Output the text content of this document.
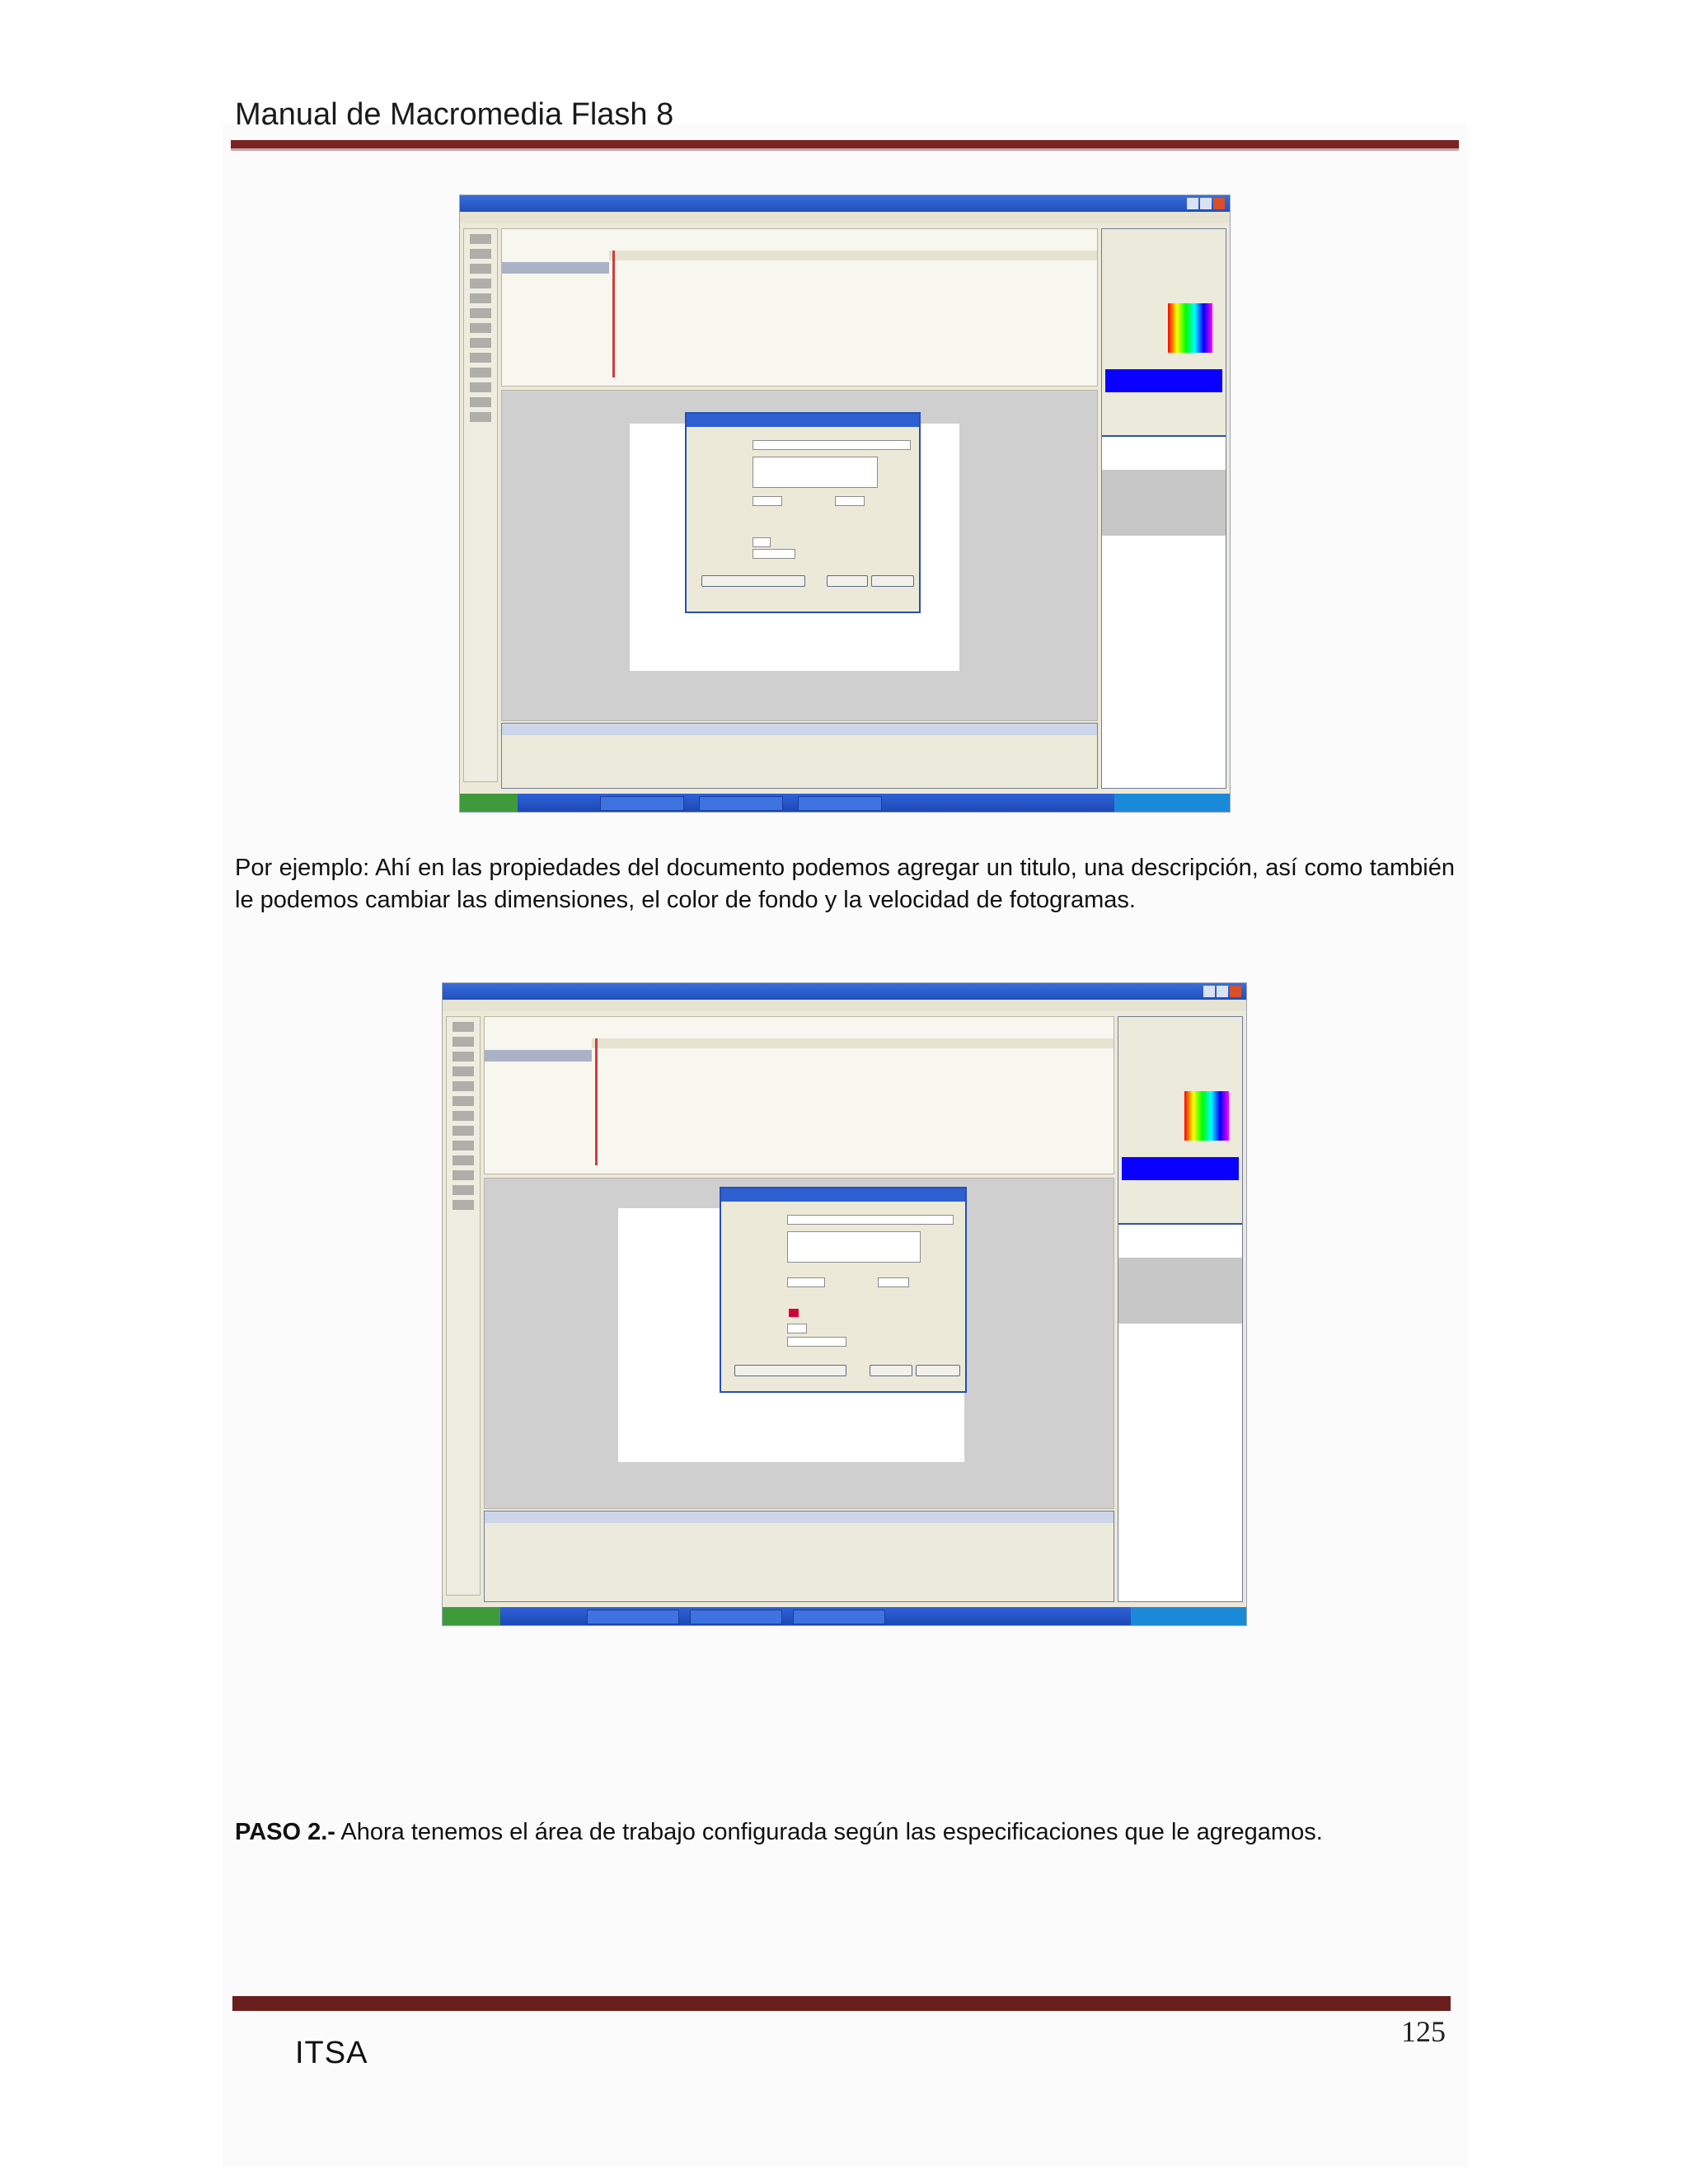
Manual de Macromedia Flash 8
Por ejemplo: Ahí en las propiedades del documento podemos agregar un titulo, una descripción, así como también le podemos cambiar las dimensiones, el color de fondo y la velocidad de fotogramas.
PASO 2.- Ahora tenemos el área de trabajo configurada según las especificaciones que le agregamos.
125
ITSA
